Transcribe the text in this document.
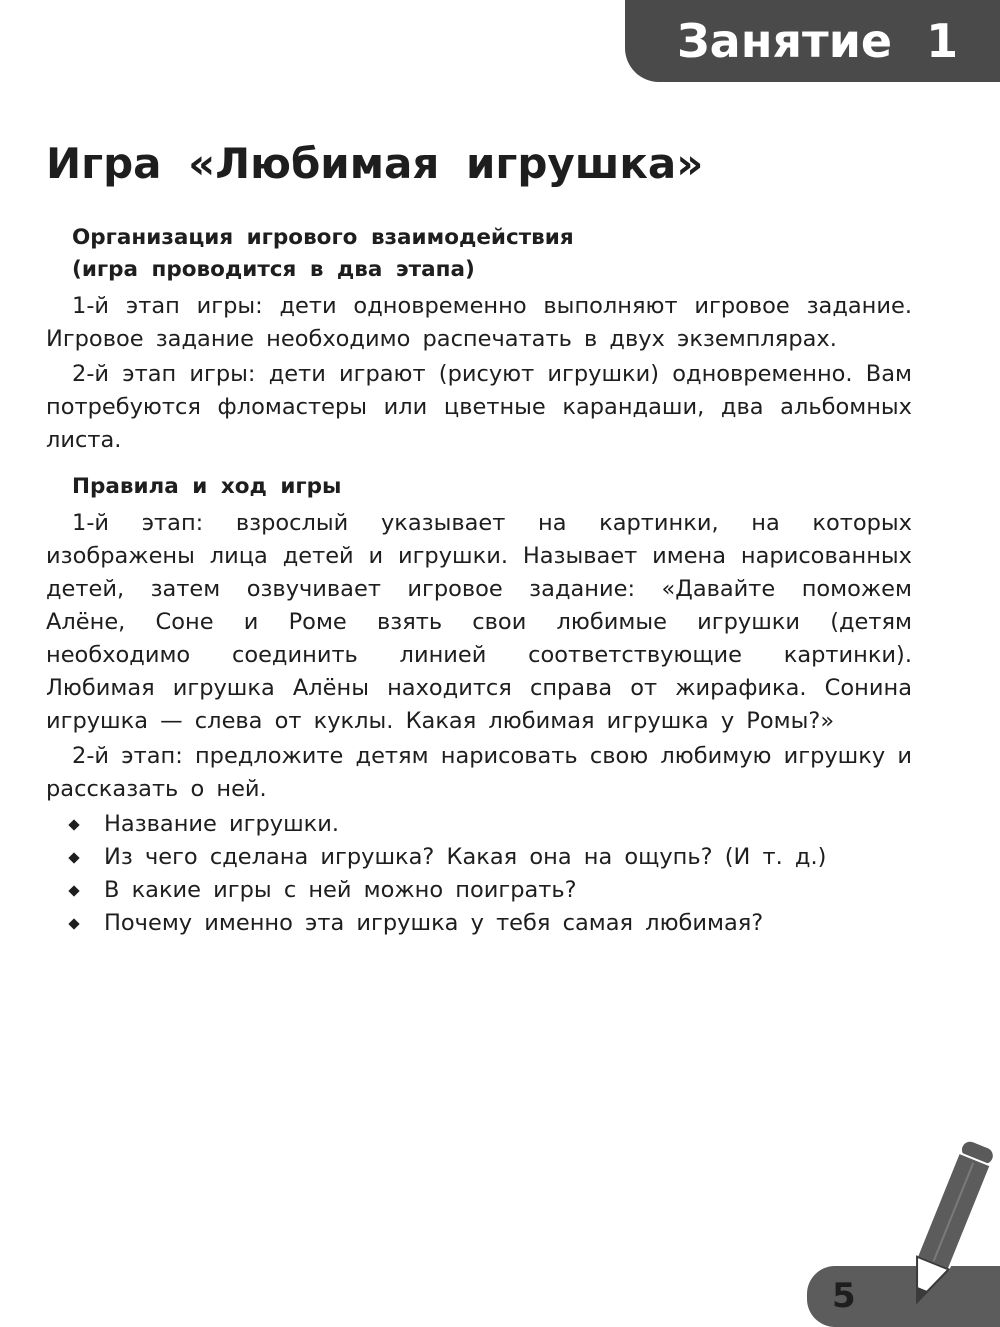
Занятие 1
Игра «Любимая игрушка»

Организация игрового взаимодействия

(игра проводится в два этапа)

1-й этап игры: дети одновременно выполняют игровое задание. Игровое задание необходимо распечатать в двух экземплярах.

2-й этап игры: дети играют (рисуют игрушки) одновременно. Вам потребуются фломастеры или цветные карандаши, два альбомных листа.

Правила и ход игры

1-й этап: взрослый указывает на картинки, на которых изображены лица детей и игрушки. Называет имена нарисованных детей, затем озвучивает игровое задание: «Давайте поможем Алёне, Соне и Роме взять свои любимые игрушки (детям необходимо соединить линией соответствующие картинки). Любимая игрушка Алёны находится справа от жирафика. Сонина игрушка — слева от куклы. Какая любимая игрушка у Ромы?»

2-й этап: предложите детям нарисовать свою любимую игрушку и рассказать о ней.

Название игрушки.
Из чего сделана игрушка? Какая она на ощупь? (И т. д.)
В какие игры с ней можно поиграть?
Почему именно эта игрушка у тебя самая любимая?
5
